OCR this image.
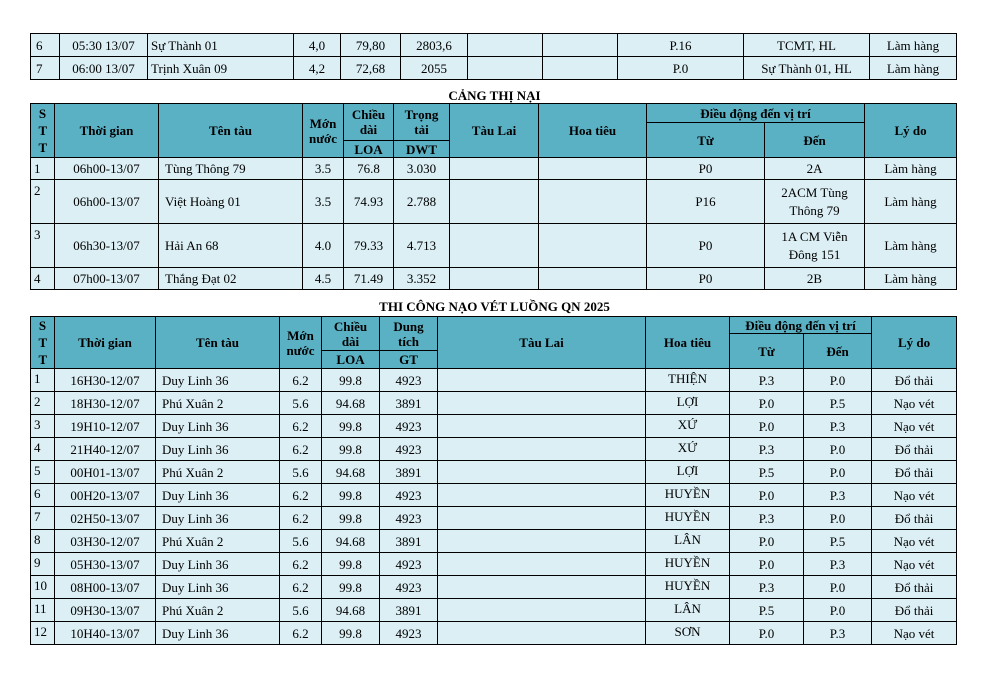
6	05:30 13/07	Sự Thành 01	4,0	79,80	2803,6			P.16	TCMT, HL	Làm hàng
7	06:00 13/07	Trịnh Xuân 09	4,2	72,68	2055			P.0	Sự Thành 01, HL	Làm hàng
CẢNG THỊ NẠI
STT	Thời gian	Tên tàu	Mớn nước	Chiều dài	Trọng tải	Tàu Lai	Hoa tiêu	Điều động đến vị trí		Lý do
								Từ	Đến	
				LOA	DWT					
1	06h00-13/07	Tùng Thông 79	3.5	76.8	3.030			P0	2A	Làm hàng
2	06h00-13/07	Việt Hoàng 01	3.5	74.93	2.788			P16	2ACM Tùng Thông 79	Làm hàng
3	06h30-13/07	Hải An 68	4.0	79.33	4.713			P0	1A CM Viễn Đông 151	Làm hàng
4	07h00-13/07	Thắng Đạt 02	4.5	71.49	3.352			P0	2B	Làm hàng
THI CÔNG NẠO VÉT LUỒNG QN 2025
STT	Thời gian	Tên tàu	Mớn nước	Chiều dài	Dung tích	Tàu Lai	Hoa tiêu	Điều động đến vị trí		Lý do
								Từ	Đến	
				LOA	GT					
1	16H30-12/07	Duy Linh 36	6.2	99.8	4923		THIỆN	P.3	P.0	Đổ thải
2	18H30-12/07	Phú Xuân 2	5.6	94.68	3891		LỢI	P.0	P.5	Nạo vét
3	19H10-12/07	Duy Linh 36	6.2	99.8	4923		XỨ	P.0	P.3	Nạo vét
4	21H40-12/07	Duy Linh 36	6.2	99.8	4923		XỨ	P.3	P.0	Đổ thải
5	00H01-13/07	Phú Xuân 2	5.6	94.68	3891		LỢI	P.5	P.0	Đổ thải
6	00H20-13/07	Duy Linh 36	6.2	99.8	4923		HUYỀN	P.0	P.3	Nạo vét
7	02H50-13/07	Duy Linh 36	6.2	99.8	4923		HUYỀN	P.3	P.0	Đổ thải
8	03H30-12/07	Phú Xuân 2	5.6	94.68	3891		LÂN	P.0	P.5	Nạo vét
9	05H30-13/07	Duy Linh 36	6.2	99.8	4923		HUYỀN	P.0	P.3	Nạo vét
10	08H00-13/07	Duy Linh 36	6.2	99.8	4923		HUYỀN	P.3	P.0	Đổ thải
11	09H30-13/07	Phú Xuân 2	5.6	94.68	3891		LÂN	P.5	P.0	Đổ thải
12	10H40-13/07	Duy Linh 36	6.2	99.8	4923		SƠN	P.0	P.3	Nạo vét
